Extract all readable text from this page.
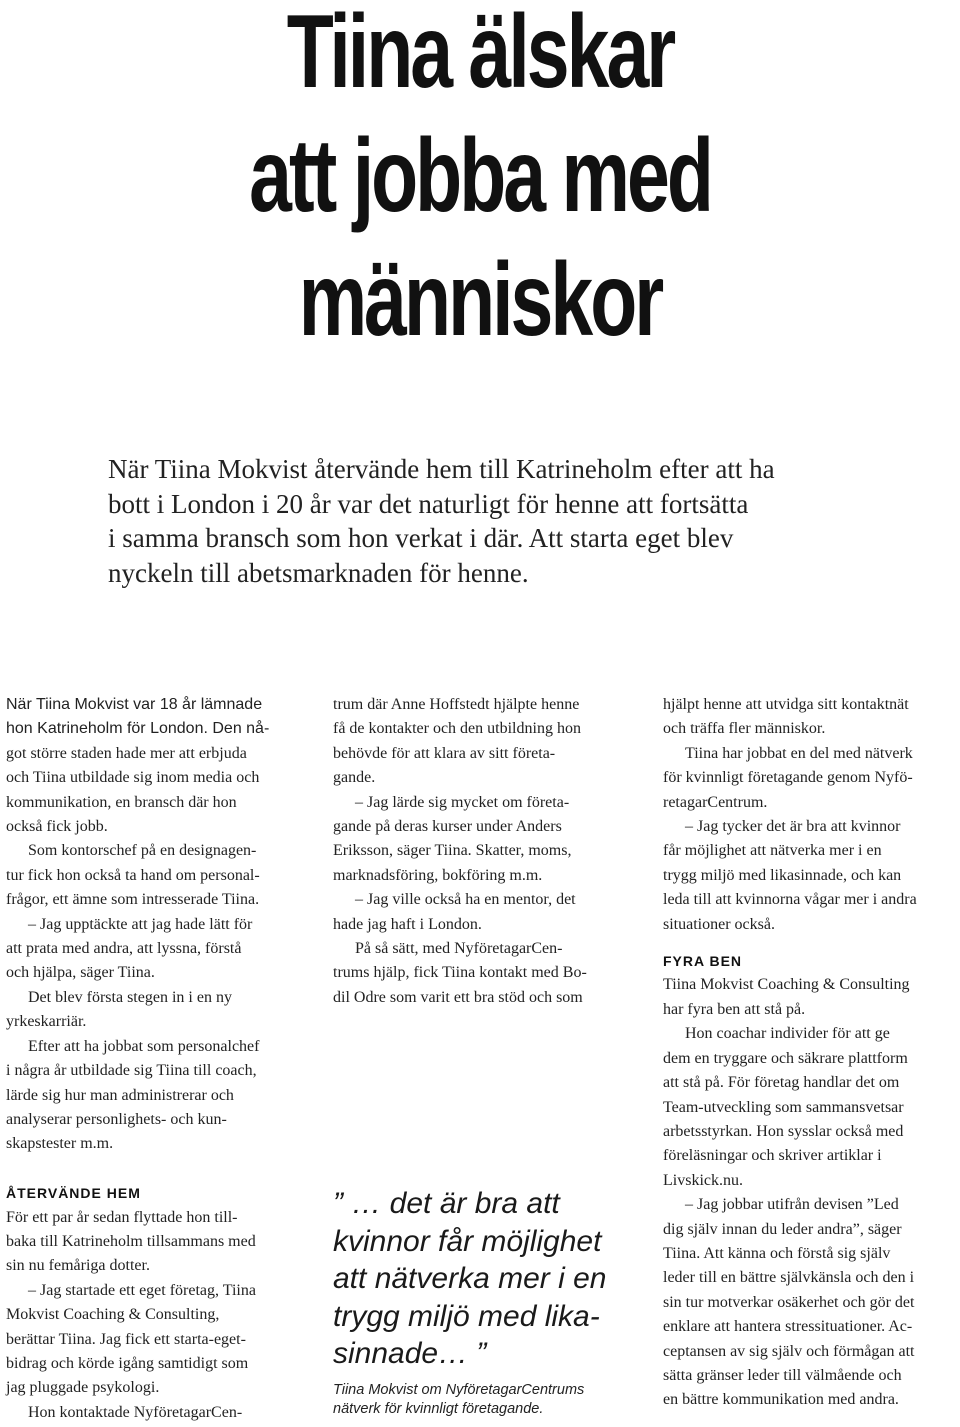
Tiina älskar
att jobba med
människor
När Tiina Mokvist återvände hem till Katrineholm efter att ha
bott i London i 20 år var det naturligt för henne att fortsätta
i samma bransch som hon verkat i där. Att starta eget blev
nyckeln till abetsmarknaden för henne.
När Tiina Mokvist var 18 år lämnade
hon Katrineholm för London. Den nå-
got större staden hade mer att erbjuda
och Tiina utbildade sig inom media och
kommunikation, en bransch där hon
också fick jobb.
Som kontorschef på en designagen-
tur fick hon också ta hand om personal-
frågor, ett ämne som intresserade Tiina.
– Jag upptäckte att jag hade lätt för
att prata med andra, att lyssna, förstå
och hjälpa, säger Tiina.
Det blev första stegen in i en ny
yrkeskarriär.
Efter att ha jobbat som personalchef
i några år utbildade sig Tiina till coach,
lärde sig hur man administrerar och
analyserar personlighets- och kun-
skapstester m.m.
ÅTERVÄNDE HEM
För ett par år sedan flyttade hon till-
baka till Katrineholm tillsammans med
sin nu femåriga dotter.
– Jag startade ett eget företag, Tiina
Mokvist Coaching & Consulting,
berättar Tiina. Jag fick ett starta-eget-
bidrag och körde igång samtidigt som
jag pluggade psykologi.
Hon kontaktade NyföretagarCen-
trum där Anne Hoffstedt hjälpte henne
få de kontakter och den utbildning hon
behövde för att klara av sitt företa-
gande.
– Jag lärde sig mycket om företa-
gande på deras kurser under Anders
Eriksson, säger Tiina. Skatter, moms,
marknadsföring, bokföring m.m.
– Jag ville också ha en mentor, det
hade jag haft i London.
På så sätt, med NyföretagarCen-
trums hjälp, fick Tiina kontakt med Bo-
dil Odre som varit ett bra stöd och som
” … det är bra att
kvinnor får möjlighet
att nätverka mer i en
trygg miljö med lika-
sinnade… ”
Tiina Mokvist om NyföretagarCentrums
nätverk för kvinnligt företagande.
hjälpt henne att utvidga sitt kontaktnät
och träffa fler människor.
Tiina har jobbat en del med nätverk
för kvinnligt företagande genom Nyfö-
retagarCentrum.
– Jag tycker det är bra att kvinnor
får möjlighet att nätverka mer i en
trygg miljö med likasinnade, och kan
leda till att kvinnorna vågar mer i andra
situationer också.
FYRA BEN
Tiina Mokvist Coaching & Consulting
har fyra ben att stå på.
Hon coachar individer för att ge
dem en tryggare och säkrare plattform
att stå på. För företag handlar det om
Team-utveckling som sammansvetsar
arbetsstyrkan. Hon sysslar också med
föreläsningar och skriver artiklar i
Livskick.nu.
– Jag jobbar utifrån devisen ”Led
dig själv innan du leder andra”, säger
Tiina. Att känna och förstå sig själv
leder till en bättre självkänsla och den i
sin tur motverkar osäkerhet och gör det
enklare att hantera stressituationer. Ac-
ceptansen av sig själv och förmågan att
sätta gränser leder till välmående och
en bättre kommunikation med andra.
